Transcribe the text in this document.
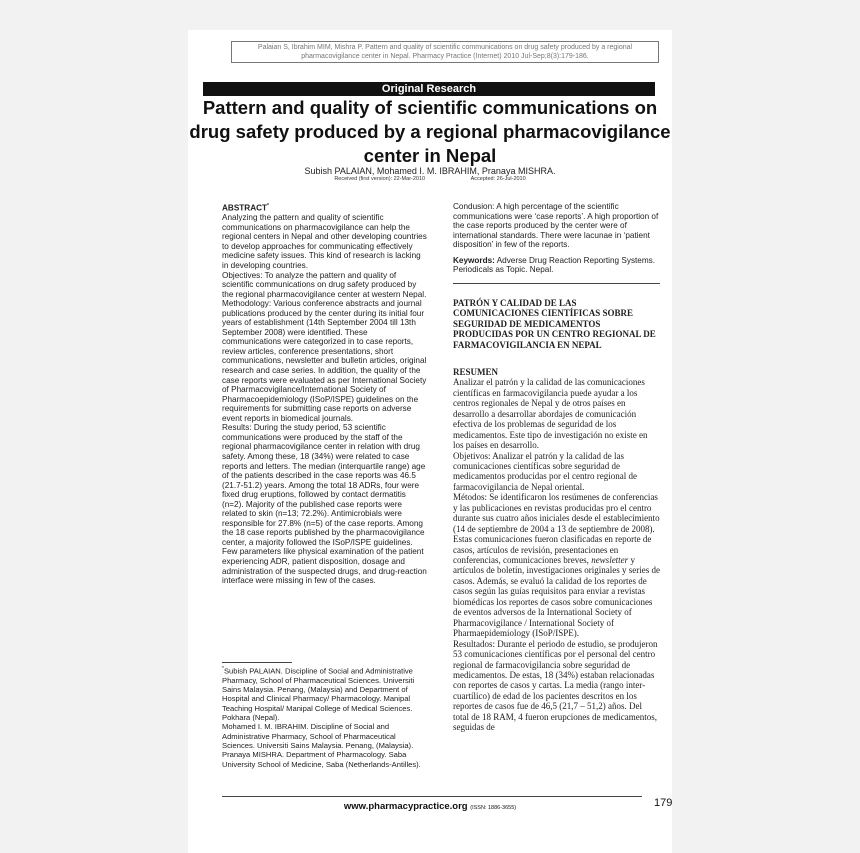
Palaian S, Ibrahim MIM, Mishra P. Pattern and quality of scientific communications on drug safety produced by a regional pharmacovigilance center in Nepal. Pharmacy Practice (Internet) 2010 Jul-Sep;8(3):179-186.
Original Research
Pattern and quality of scientific communications on drug safety produced by a regional pharmacovigilance center in Nepal
Subish PALAIAN, Mohamed I. M. IBRAHIM, Pranaya MISHRA.
Received (first version): 22-Mar-2010	Accepted: 26-Jul-2010

ABSTRACT*

Analyzing the pattern and quality of scientific communications on pharmacovigilance can help the regional centers in Nepal and other developing countries to develop approaches for communicating effectively medicine safety issues. This kind of research is lacking in developing countries.

Objectives: To analyze the pattern and quality of scientific communications on drug safety produced by the regional pharmacovigilance center at western Nepal.

Methodology: Various conference abstracts and journal publications produced by the center during its initial four years of establishment (14th September 2004 till 13th September 2008) were identified. These communications were categorized in to case reports, review articles, conference presentations, short communications, newsletter and bulletin articles, original research and case series. In addition, the quality of the case reports were evaluated as per International Society of Pharmacovigilance/International Society of Pharmacoepidemiology (ISoP/ISPE) guidelines on the requirements for submitting case reports on adverse event reports in biomedical journals.

Results: During the study period, 53 scientific communications were produced by the staff of the regional pharmacovigilance center in relation with drug safety. Among these, 18 (34%) were related to case reports and letters. The median (interquartile range) age of the patients described in the case reports was 46.5 (21.7-51.2) years. Among the total 18 ADRs, four were fixed drug eruptions, followed by contact dermatitis (n=2). Majority of the published case reports were related to skin (n=13; 72.2%). Antimicrobials were responsible for 27.8% (n=5) of the case reports. Among the 18 case reports published by the pharmacovigilance center, a majority followed the ISoP/ISPE guidelines. Few parameters like physical examination of the patient experiencing ADR, patient disposition, dosage and administration of the suspected drugs, and drug-reaction interface were missing in few of the cases.

*Subish PALAIAN. Discipline of Social and Administrative Pharmacy, School of Pharmaceutical Sciences. Universiti Sains Malaysia. Penang, (Malaysia) and Department of Hospital and Clinical Pharmacy/ Pharmacology. Manipal Teaching Hospital/ Manipal College of Medical Sciences. Pokhara (Nepal).

Mohamed I. M. IBRAHIM. Discipline of Social and Administrative Pharmacy, School of Pharmaceutical Sciences. Universiti Sains Malaysia. Penang, (Malaysia).

Pranaya MISHRA. Department of Pharmacology. Saba University School of Medicine, Saba (Netherlands-Antilles).

Condusion: A high percentage of the scientific communications were ‘case reports’. A high proportion of the case reports produced by the center were of international standards. There were lacunae in ‘patient disposition’ in few of the reports.

Keywords: Adverse Drug Reaction Reporting Systems. Periodicals as Topic. Nepal.

PATRÓN Y CALIDAD DE LAS COMUNICACIONES CIENTÍFICAS SOBRE SEGURIDAD DE MEDICAMENTOS PRODUCIDAS POR UN CENTRO REGIONAL DE FARMACOVIGILANCIA EN NEPAL

RESUMEN

Analizar el patrón y la calidad de las comunicaciones científicas en farmacovigilancia puede ayudar a los centros regionales de Nepal y de otros países en desarrollo a desarrollar abordajes de comunicación efectiva de los problemas de seguridad de los medicamentos. Este tipo de investigación no existe en los países en desarrollo.

Objetivos: Analizar el patrón y la calidad de las comunicaciones científicas sobre seguridad de medicamentos producidas por el centro regional de farmacovigilancia de Nepal oriental.

Métodos: Se identificaron los resúmenes de conferencias y las publicaciones en revistas producidas pro el centro durante sus cuatro años iniciales desde el establecimiento (14 de septiembre de 2004 a 13 de septiembre de 2008). Estas comunicaciones fueron clasificadas en reporte de casos, artículos de revisión, presentaciones en conferencias, comunicaciones breves, newsletter y artículos de boletín, investigaciones originales y series de casos. Además, se evaluó la calidad de los reportes de casos según las guías requisitos para enviar a revistas biomédicas los reportes de casos sobre comunicaciones de eventos adversos de la International Society of Pharmacovigilance / International Society of Pharmaepidemiology (ISoP/ISPE).

Resultados: Durante el periodo de estudio, se produjeron 53 comunicaciones científicas por el personal del centro regional de farmacovigilancia sobre seguridad de medicamentos. De estas, 18 (34%) estaban relacionadas con reportes de casos y cartas. La media (rango inter-cuartílico) de edad de los pacientes descritos en los reportes de casos fue de 46,5 (21,7 – 51,2) años. Del total de 18 RAM, 4 fueron erupciones de medicamentos, seguidas de

www.pharmacypractice.org (ISSN: 1886-3655)	179
